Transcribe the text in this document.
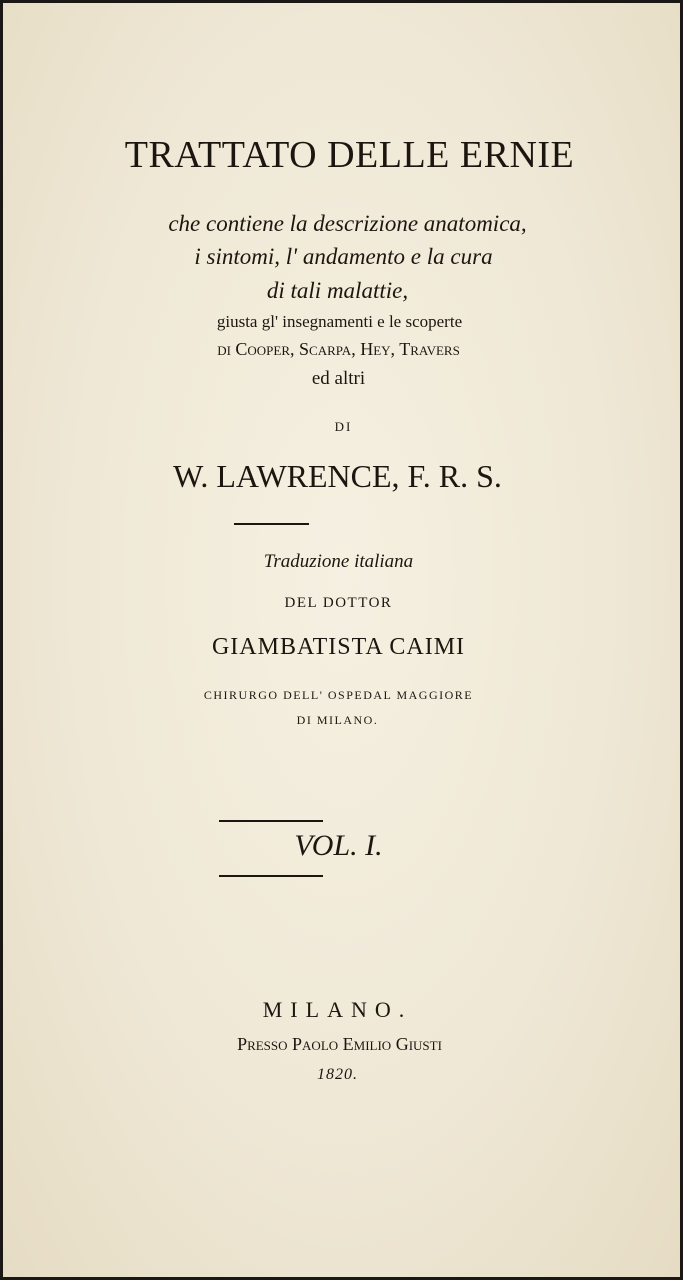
TRATTATO DELLE ERNIE
che contiene la descrizione anatomica,
i sintomi, l' andamento e la cura
di tali malattie,
giusta gl' insegnamenti e le scoperte
di Cooper, Scarpa, Hey, Travers
ed altri
DI
W. LAWRENCE, F. R. S.
Traduzione italiana
DEL DOTTOR
GIAMBATISTA CAIMI
CHIRURGO DELL' OSPEDAL MAGGIORE
DI MILANO.
VOL. I.
MILANO.
Presso Paolo Emilio Giusti
1820.
